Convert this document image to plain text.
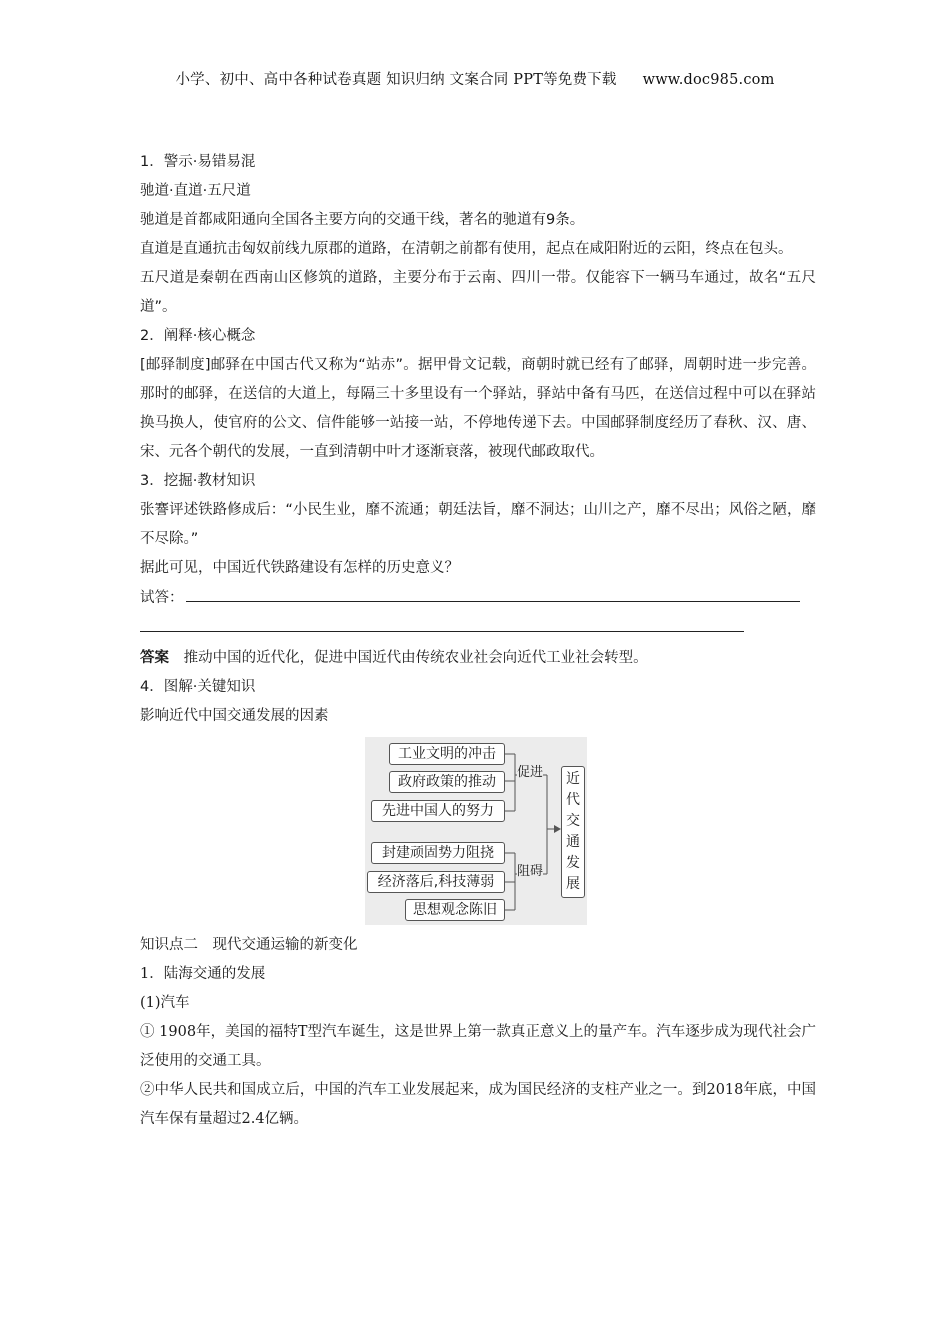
小学、初中、高中各种试卷真题 知识归纳 文案合同 PPT等免费下载 www.doc985.com

1．警示·易错易混

驰道·直道·五尺道

驰道是首都咸阳通向全国各主要方向的交通干线，著名的驰道有9条。

直道是直通抗击匈奴前线九原郡的道路，在清朝之前都有使用，起点在咸阳附近的云阳，终点在包头。

五尺道是秦朝在西南山区修筑的道路，主要分布于云南、四川一带。仅能容下一辆马车通过，故名“五尺道”。

2．阐释·核心概念

[邮驿制度]邮驿在中国古代又称为“站赤”。据甲骨文记载，商朝时就已经有了邮驿，周朝时进一步完善。那时的邮驿，在送信的大道上，每隔三十多里设有一个驿站，驿站中备有马匹，在送信过程中可以在驿站换马换人，使官府的公文、信件能够一站接一站，不停地传递下去。中国邮驿制度经历了春秋、汉、唐、宋、元各个朝代的发展，一直到清朝中叶才逐渐衰落，被现代邮政取代。

3．挖掘·教材知识

张謇评述铁路修成后：“小民生业，靡不流通；朝廷法旨，靡不洞达；山川之产，靡不尽出；风俗之陋，靡不尽除。”

据此可见，中国近代铁路建设有怎样的历史意义？

试答：

答案 推动中国的近代化，促进中国近代由传统农业社会向近代工业社会转型。

4．图解·关键知识

影响近代中国交通发展的因素

工业文明的冲击
政府政策的推动
先进中国人的努力
促进
封建顽固势力阻挠
经济落后,科技薄弱
思想观念陈旧
阻碍
近
代
交
通
发
展

知识点二　现代交通运输的新变化

1．陆海交通的发展

(1)汽车

① 1908年，美国的福特T型汽车诞生，这是世界上第一款真正意义上的量产车。汽车逐步成为现代社会广泛使用的交通工具。

②中华人民共和国成立后，中国的汽车工业发展起来，成为国民经济的支柱产业之一。到2018年底，中国汽车保有量超过2.4亿辆。
